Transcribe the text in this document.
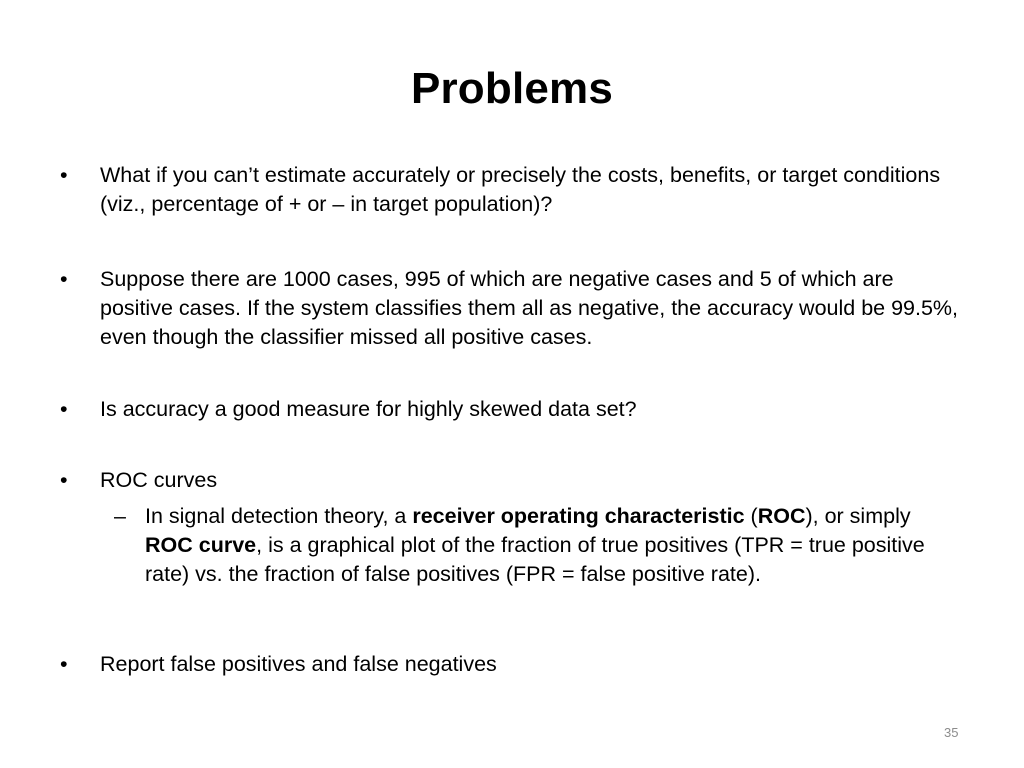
Problems
•	What if you can’t estimate accurately or precisely the costs, benefits, or target conditions (viz., percentage of + or – in target population)?
•	Suppose there are 1000 cases, 995 of which are negative cases and 5 of which are positive cases. If the system classifies them all as negative, the accuracy would be 99.5%, even though the classifier missed all positive cases.
•	Is accuracy a good measure for highly skewed data set?
•	ROC curves
– In signal detection theory, a receiver operating characteristic (ROC), or simply ROC curve, is a graphical plot of the fraction of true positives (TPR = true positive rate) vs. the fraction of false positives (FPR = false positive rate).
•	Report false positives and false negatives
35
